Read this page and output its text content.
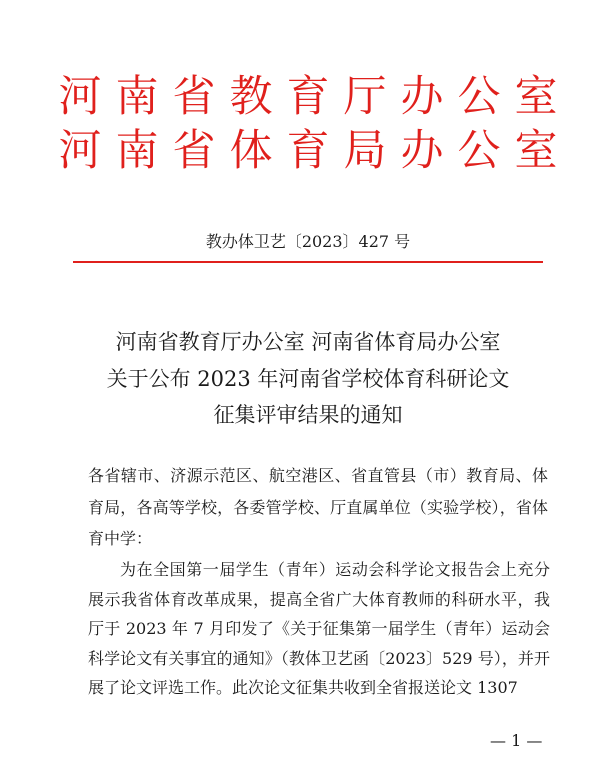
河南省教育厅办公室
河南省体育局办公室
教办体卫艺〔2023〕427 号
河南省教育厅办公室 河南省体育局办公室
关于公布 2023 年河南省学校体育科研论文
征集评审结果的通知
各省辖市、济源示范区、航空港区、省直管县（市）教育局、体育局，各高等学校，各委管学校、厅直属单位（实验学校），省体育中学：
为在全国第一届学生（青年）运动会科学论文报告会上充分展示我省体育改革成果，提高全省广大体育教师的科研水平，我厅于 2023 年 7 月印发了《关于征集第一届学生（青年）运动会科学论文有关事宜的通知》（教体卫艺函〔2023〕529 号），并开展了论文评选工作。此次论文征集共收到全省报送论文 1307
— 1 —
